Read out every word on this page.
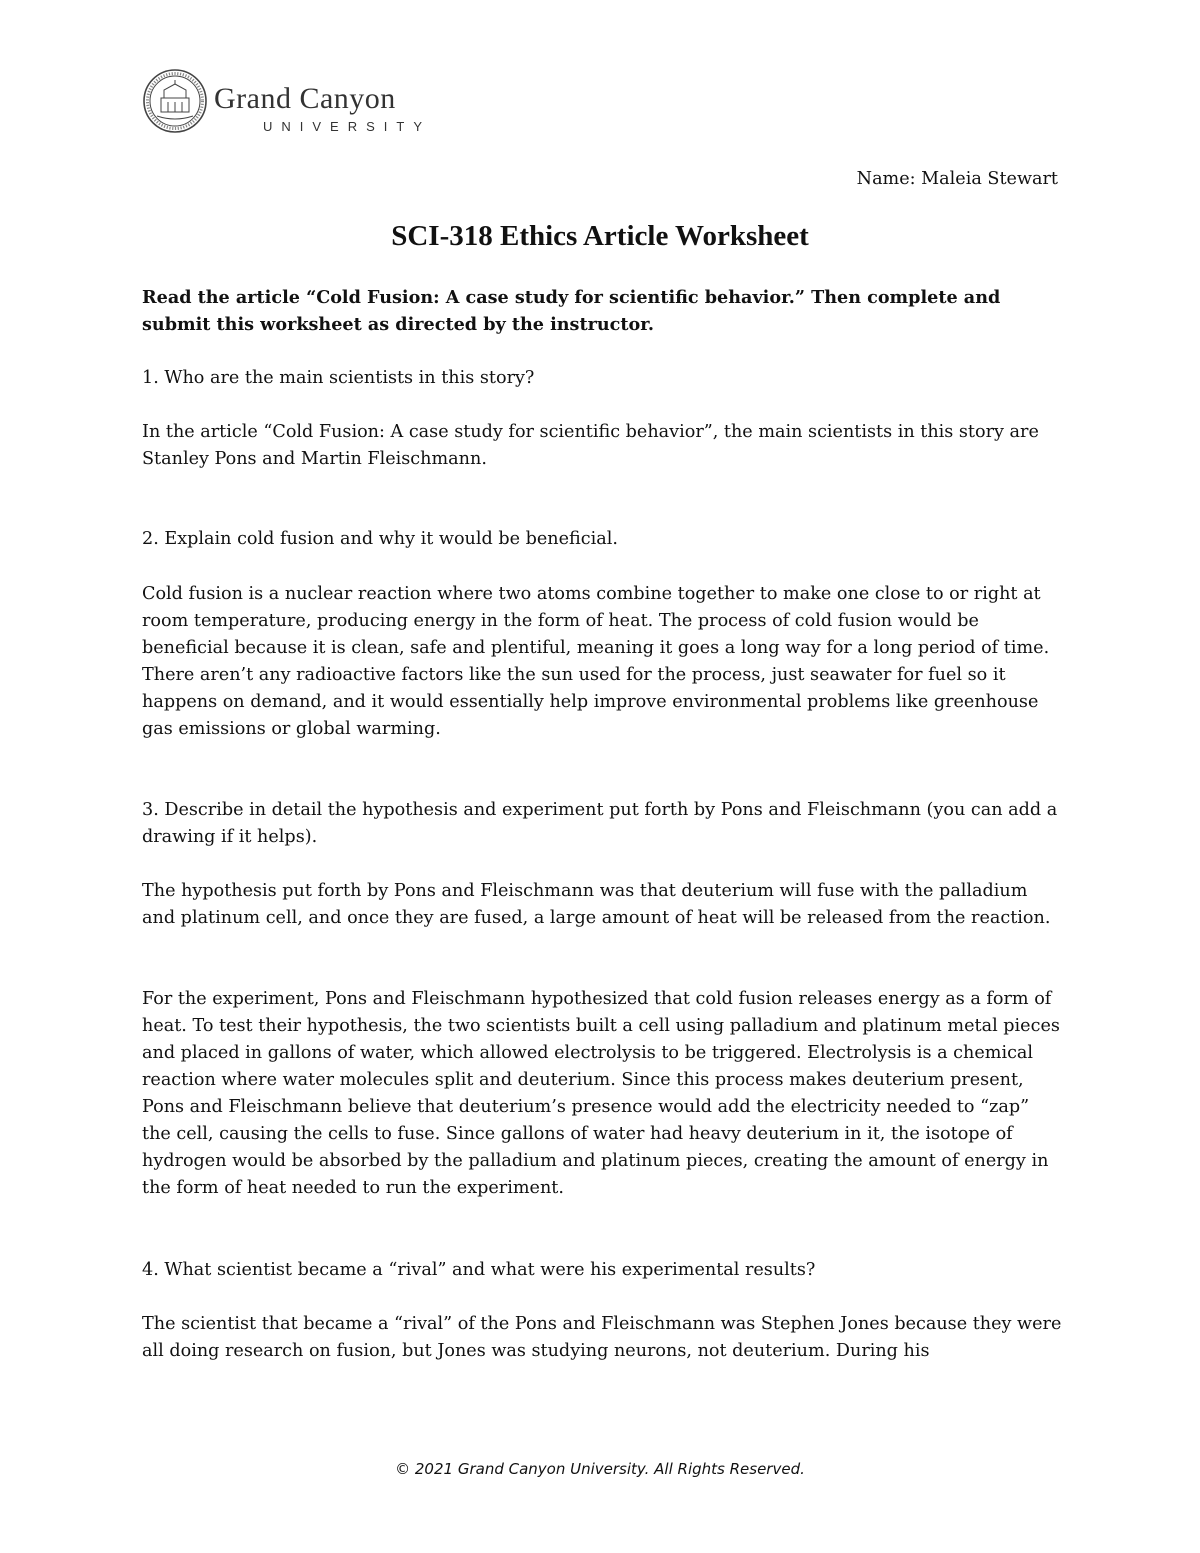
Grand Canyon
UNIVERSITY
Name: Maleia Stewart
SCI-318 Ethics Article Worksheet
Read the article “Cold Fusion: A case study for scientific behavior.” Then complete and submit this worksheet as directed by the instructor.

1. Who are the main scientists in this story?

In the article “Cold Fusion: A case study for scientific behavior”, the main scientists in this story are Stanley Pons and Martin Fleischmann.

2. Explain cold fusion and why it would be beneficial.

Cold fusion is a nuclear reaction where two atoms combine together to make one close to or right at room temperature, producing energy in the form of heat. The process of cold fusion would be beneficial because it is clean, safe and plentiful, meaning it goes a long way for a long period of time. There aren’t any radioactive factors like the sun used for the process, just seawater for fuel so it happens on demand, and it would essentially help improve environmental problems like greenhouse gas emissions or global warming.

3. Describe in detail the hypothesis and experiment put forth by Pons and Fleischmann (you can add a drawing if it helps).

The hypothesis put forth by Pons and Fleischmann was that deuterium will fuse with the palladium and platinum cell, and once they are fused, a large amount of heat will be released from the reaction.

For the experiment, Pons and Fleischmann hypothesized that cold fusion releases energy as a form of heat. To test their hypothesis, the two scientists built a cell using palladium and platinum metal pieces and placed in gallons of water, which allowed electrolysis to be triggered. Electrolysis is a chemical reaction where water molecules split and deuterium. Since this process makes deuterium present, Pons and Fleischmann believe that deuterium’s presence would add the electricity needed to “zap” the cell, causing the cells to fuse. Since gallons of water had heavy deuterium in it, the isotope of hydrogen would be absorbed by the palladium and platinum pieces, creating the amount of energy in the form of heat needed to run the experiment.

4. What scientist became a “rival” and what were his experimental results?

The scientist that became a “rival” of the Pons and Fleischmann was Stephen Jones because they were all doing research on fusion, but Jones was studying neurons, not deuterium. During his

© 2021 Grand Canyon University. All Rights Reserved.
